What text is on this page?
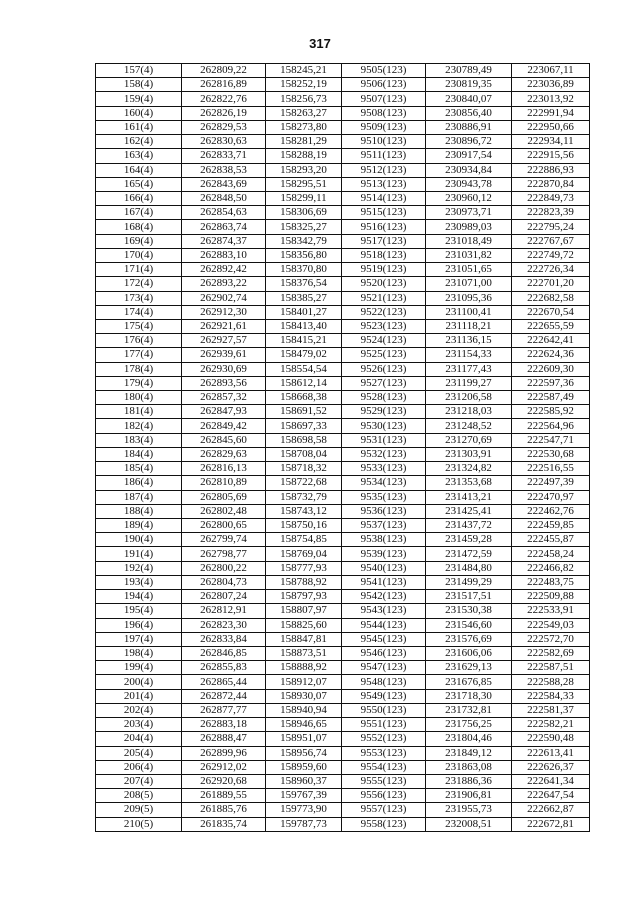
317
157(4)	262809,22	158245,21	9505(123)	230789,49	223067,11
158(4)	262816,89	158252,19	9506(123)	230819,35	223036,89
159(4)	262822,76	158256,73	9507(123)	230840,07	223013,92
160(4)	262826,19	158263,27	9508(123)	230856,40	222991,94
161(4)	262829,53	158273,80	9509(123)	230886,91	222950,66
162(4)	262830,63	158281,29	9510(123)	230896,72	222934,11
163(4)	262833,71	158288,19	9511(123)	230917,54	222915,56
164(4)	262838,53	158293,20	9512(123)	230934,84	222886,93
165(4)	262843,69	158295,51	9513(123)	230943,78	222870,84
166(4)	262848,50	158299,11	9514(123)	230960,12	222849,73
167(4)	262854,63	158306,69	9515(123)	230973,71	222823,39
168(4)	262863,74	158325,27	9516(123)	230989,03	222795,24
169(4)	262874,37	158342,79	9517(123)	231018,49	222767,67
170(4)	262883,10	158356,80	9518(123)	231031,82	222749,72
171(4)	262892,42	158370,80	9519(123)	231051,65	222726,34
172(4)	262893,22	158376,54	9520(123)	231071,00	222701,20
173(4)	262902,74	158385,27	9521(123)	231095,36	222682,58
174(4)	262912,30	158401,27	9522(123)	231100,41	222670,54
175(4)	262921,61	158413,40	9523(123)	231118,21	222655,59
176(4)	262927,57	158415,21	9524(123)	231136,15	222642,41
177(4)	262939,61	158479,02	9525(123)	231154,33	222624,36
178(4)	262930,69	158554,54	9526(123)	231177,43	222609,30
179(4)	262893,56	158612,14	9527(123)	231199,27	222597,36
180(4)	262857,32	158668,38	9528(123)	231206,58	222587,49
181(4)	262847,93	158691,52	9529(123)	231218,03	222585,92
182(4)	262849,42	158697,33	9530(123)	231248,52	222564,96
183(4)	262845,60	158698,58	9531(123)	231270,69	222547,71
184(4)	262829,63	158708,04	9532(123)	231303,91	222530,68
185(4)	262816,13	158718,32	9533(123)	231324,82	222516,55
186(4)	262810,89	158722,68	9534(123)	231353,68	222497,39
187(4)	262805,69	158732,79	9535(123)	231413,21	222470,97
188(4)	262802,48	158743,12	9536(123)	231425,41	222462,76
189(4)	262800,65	158750,16	9537(123)	231437,72	222459,85
190(4)	262799,74	158754,85	9538(123)	231459,28	222455,87
191(4)	262798,77	158769,04	9539(123)	231472,59	222458,24
192(4)	262800,22	158777,93	9540(123)	231484,80	222466,82
193(4)	262804,73	158788,92	9541(123)	231499,29	222483,75
194(4)	262807,24	158797,93	9542(123)	231517,51	222509,88
195(4)	262812,91	158807,97	9543(123)	231530,38	222533,91
196(4)	262823,30	158825,60	9544(123)	231546,60	222549,03
197(4)	262833,84	158847,81	9545(123)	231576,69	222572,70
198(4)	262846,85	158873,51	9546(123)	231606,06	222582,69
199(4)	262855,83	158888,92	9547(123)	231629,13	222587,51
200(4)	262865,44	158912,07	9548(123)	231676,85	222588,28
201(4)	262872,44	158930,07	9549(123)	231718,30	222584,33
202(4)	262877,77	158940,94	9550(123)	231732,81	222581,37
203(4)	262883,18	158946,65	9551(123)	231756,25	222582,21
204(4)	262888,47	158951,07	9552(123)	231804,46	222590,48
205(4)	262899,96	158956,74	9553(123)	231849,12	222613,41
206(4)	262912,02	158959,60	9554(123)	231863,08	222626,37
207(4)	262920,68	158960,37	9555(123)	231886,36	222641,34
208(5)	261889,55	159767,39	9556(123)	231906,81	222647,54
209(5)	261885,76	159773,90	9557(123)	231955,73	222662,87
210(5)	261835,74	159787,73	9558(123)	232008,51	222672,81
